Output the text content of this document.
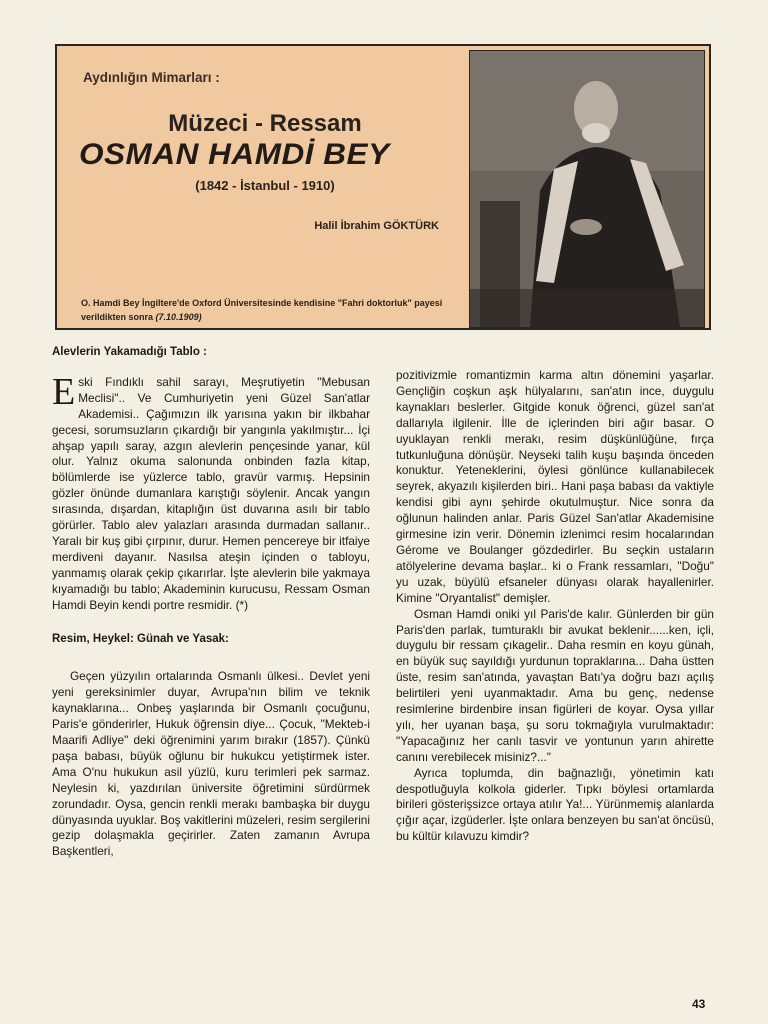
Aydınlığın Mimarları :
Müzeci - Ressam
OSMAN HAMDİ BEY
(1842 - İstanbul - 1910)
Halil İbrahim GÖKTÜRK
O. Hamdi Bey İngiltere'de Oxford Üniversitesinde kendisine "Fahri doktorluk" payesi verildikten sonra (7.10.1909)
Alevlerin Yakamadığı Tablo :

Eski Fındıklı sahil sarayı, Meşrutiyetin "Mebusan Meclisi".. Ve Cumhuriyetin yeni Güzel San'atlar Akademisi.. Çağımızın ilk yarısına yakın bir ilkbahar gecesi, sorumsuzların çıkardığı bir yangınla yakılmıştır... İçi ahşap yapılı saray, azgın alevlerin pençesinde yanar, kül olur. Yalnız okuma salonunda onbinden fazla kitap, bölümlerde ise yüzlerce tablo, gravür varmış. Hepsinin gözler önünde dumanlara karıştığı söylenir. Ancak yangın sırasında, dışardan, kitaplığın üst duvarına asılı bir tablo görürler. Tablo alev yalazları arasında durmadan sallanır.. Yaralı bir kuş gibi çırpınır, durur. Hemen pencereye bir itfaiye merdiveni dayanır. Nasılsa ateşin içinden o tabloyu, yanmamış olarak çekip çıkarırlar. İşte alevlerin bile yakmaya kıyamadığı bu tablo; Akademinin kurucusu, Ressam Osman Hamdi Beyin kendi portre resmidir. (*)

Resim, Heykel: Günah ve Yasak:

Geçen yüzyılın ortalarında Osmanlı ülkesi.. Devlet yeni yeni gereksinimler duyar, Avrupa'nın bilim ve teknik kaynaklarına... Onbeş yaşlarında bir Osmanlı çocuğunu, Paris'e gönderirler, Hukuk öğrensin diye... Çocuk, "Mekteb-i Maarifi Adliye" deki öğrenimini yarım bırakır (1857). Çünkü paşa babası, büyük oğlunu bir hukukcu yetiştirmek ister. Ama O'nu hukukun asil yüzlü, kuru terimleri pek sarmaz. Neylesin ki, yazdırılan üniversite öğretimini sürdürmek zorundadır. Oysa, gencin renkli merakı bambaşka bir duygu dünyasında uyuklar. Boş vakitlerini müzeleri, resim sergilerini gezip dolaşmakla geçirirler. Zaten zamanın Avrupa Başkentleri,

pozitivizmle romantizmin karma altın dönemini yaşarlar. Gençliğin coşkun aşk hülyalarını, san'atın ince, duygulu kaynakları beslerler. Gitgide konuk öğrenci, güzel san'at dallarıyla ilgilenir. İlle de içlerinden biri ağır basar. O uyuklayan renkli merakı, resim düşkünlüğüne, fırça tutkunluğuna dönüşür. Neyseki talih kuşu başında önceden konuktur. Yeteneklerini, öylesi gönlünce kullanabilecek seyrek, akyazılı kişilerden biri.. Hani paşa babası da vaktiyle kendisi gibi aynı şehirde okutulmuştur. Nice sonra da oğlunun halinden anlar. Paris Güzel San'atlar Akademisine girmesine izin verir. Dönemin izlenimci resim hocalarından Gérome ve Boulanger gözdedirler. Bu seçkin ustaların atölyelerine devama başlar.. ki o Frank ressamları, "Doğu" yu uzak, büyülü efsaneler dünyası olarak hayallenirler. Kimine "Oryantalist" demişler.

Osman Hamdi oniki yıl Paris'de kalır. Günlerden bir gün Paris'den parlak, tumturaklı bir avukat beklenir......ken, içli, duygulu bir ressam çıkagelir.. Daha resmin en koyu günah, en büyük suç sayıldığı yurdunun topraklarına... Daha üstten üste, resim san'atında, yavaştan Batı'ya doğru bazı açılış belirtileri yeni uyanmaktadır. Ama bu genç, nedense resimlerine birdenbire insan figürleri de koyar. Oysa yıllar yılı, her uyanan başa, şu soru tokmağıyla vurulmaktadır: "Yapacağınız her canlı tasvir ve yontunun yarın ahirette canını verebilecek misiniz?..."

Ayrıca toplumda, din bağnazlığı, yönetimin katı despotluğuyla kolkola giderler. Tıpkı böylesi ortamlarda birileri gösterişsizce ortaya atılır Ya!... Yürünmemiş alanlarda çığır açar, izgüderler. İşte onlara benzeyen bu san'at öncüsü, bu kültür kılavuzu kimdir?

43
